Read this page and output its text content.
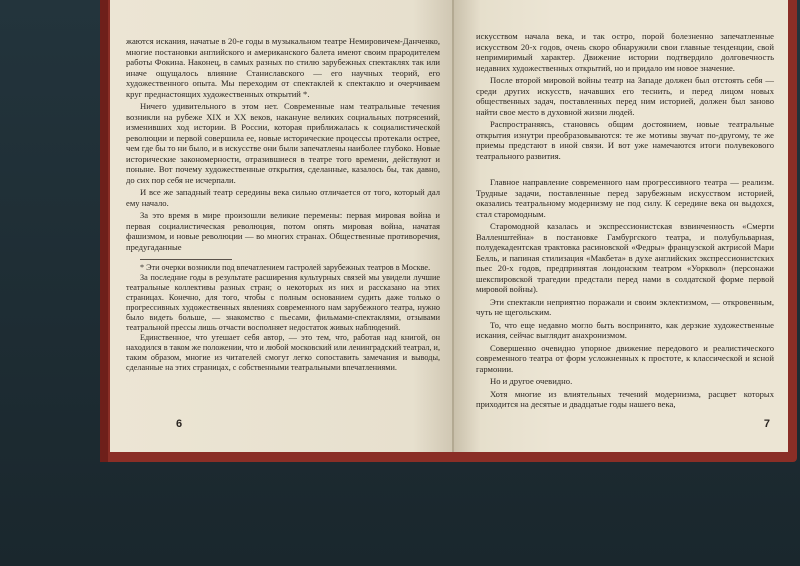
жаются искания, начатые в 20-е годы в музыкальном театре Немировичем-Данченко, многие постановки английского и американского балета имеют своим прародителем работы Фокина. Наконец, в самых разных по стилю зарубежных спектаклях так или иначе ощущалось влияние Станиславского — его научных теорий, его художественного опыта. Мы переходим от спектаклей к спектаклю и очерчиваем круг преднастоящих художественных открытий *.

Ничего удивительного в этом нет. Современные нам театральные течения возникли на рубеже XIX и XX веков, накануне великих социальных потрясений, изменивших ход истории. В России, которая приближалась к социалистической революции и первой совершила ее, новые исторические процессы протекали острее, чем где бы то ни было, и в искусстве они были запечатлены наиболее глубоко. Новые исторические закономерности, отразившиеся в театре того времени, действуют и поныне. Вот почему художественные открытия, сделанные, казалось бы, так давно, до сих пор себя не исчерпали.

И все же западный театр середины века сильно отличается от того, который дал ему начало.

За это время в мире произошли великие перемены: первая мировая война и первая социалистическая революция, потом опять мировая война, начатая фашизмом, и новые революции — во многих странах. Общественные противоречия, предугаданные

* Эти очерки возникли под впечатлением гастролей зарубежных театров в Москве.

За последние годы в результате расширения культурных связей мы увидели лучшие театральные коллективы разных стран; о некоторых из них и рассказано на этих страницах. Конечно, для того, чтобы с полным основанием судить даже только о прогрессивных художественных явлениях современного нам зарубежного театра, нужно было видеть больше, — знакомство с пьесами, фильмами-спектаклями, отзывами театральной прессы лишь отчасти восполняет недостаток живых наблюдений.

Единственное, что утешает себя автор, — это тем, что, работая над книгой, он находился в таком же положении, что и любой московский или ленинградский театрал, и, таким образом, многие из читателей смогут легко сопоставить замечания и выводы, сделанные на этих страницах, с собственными театральными впечатлениями.

6

искусством начала века, и так остро, порой болезненно запечатленные искусством 20-х годов, очень скоро обнаружили свои главные тенденции, свой непримиримый характер. Движение истории подтвердило долговечность недавних художественных открытий, но и придало им новое значение.

После второй мировой войны театр на Западе должен был отстоять себя — среди других искусств, начавших его теснить, и перед лицом новых общественных задач, поставленных перед ним историей, должен был заново найти свое место в духовной жизни людей.

Распространяясь, становясь общим достоянием, новые театральные открытия изнутри преобразовываются: те же мотивы звучат по-другому, те же приемы предстают в иной связи. И вот уже намечаются итоги полувекового театрального развития.

Главное направление современного нам прогрессивного театра — реализм. Трудные задачи, поставленные перед зарубежным искусством историей, оказались театральному модернизму не под силу. К середине века он выдохся, стал старомодным.

Старомодной казалась и экспрессионистская взвинченность «Смерти Валленштейна» в постановке Гамбургского театра, и полубульварная, полудекадентская трактовка расиновской «Федры» французской актрисой Мари Белль, и папиная стилизация «Макбета» в духе английских экспрессионистских пьес 20-х годов, предпринятая лондонским театром «Уорквол» (персонажи шекспировской трагедии предстали перед нами в солдатской форме первой мировой войны).

Эти спектакли неприятно поражали и своим эклектизмом, — откровенным, чуть не щегольским.

То, что еще недавно могло быть воспринято, как дерзкие художественные искания, сейчас выглядит анахронизмом.

Совершенно очевидно упорное движение передового и реалистического современного театра от форм усложненных к простоте, к классической и ясной гармонии.

Но и другое очевидно.

Хотя многие из влиятельных течений модернизма, расцвет которых приходится на десятые и двадцатые годы нашего века,

7
